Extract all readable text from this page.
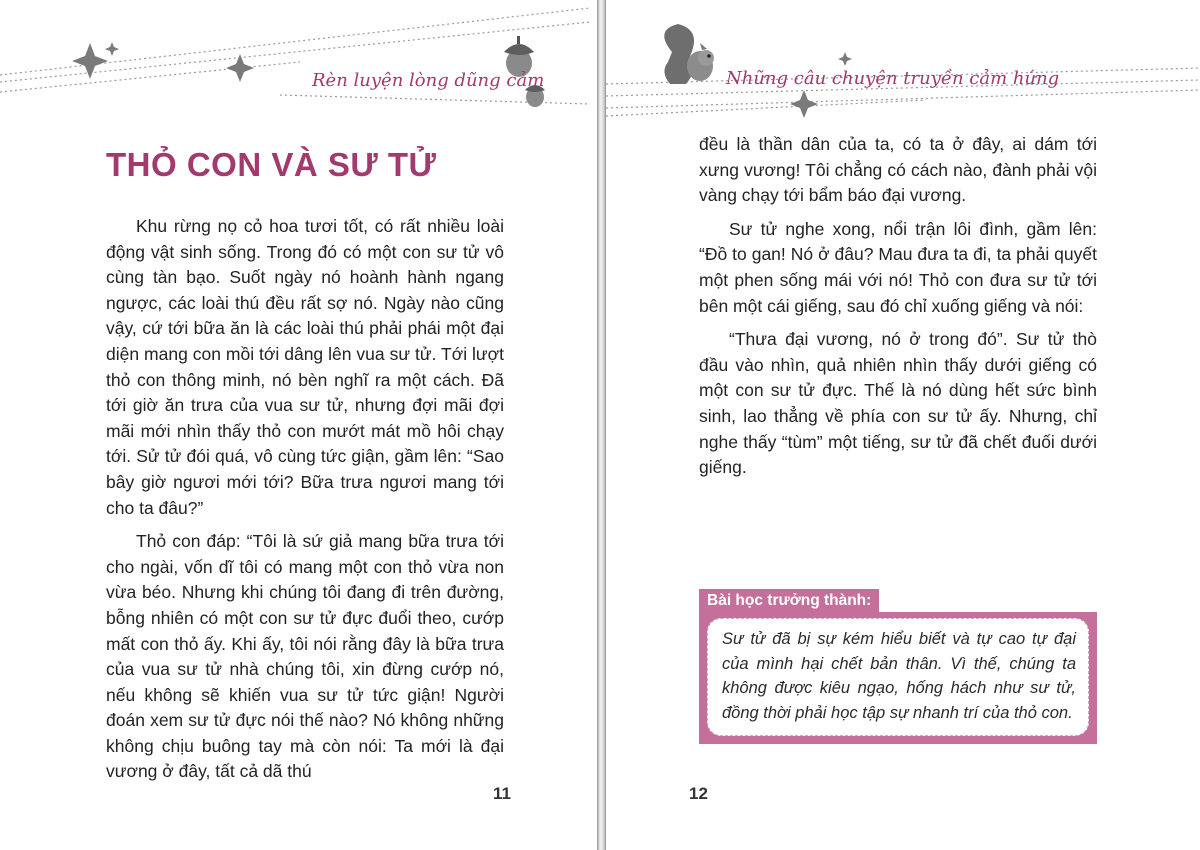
Rèn luyện lòng dũng cảm
THỎ CON VÀ SƯ TỬ

Khu rừng nọ cỏ hoa tươi tốt, có rất nhiều loài động vật sinh sống. Trong đó có một con sư tử vô cùng tàn bạo. Suốt ngày nó hoành hành ngang ngược, các loài thú đều rất sợ nó. Ngày nào cũng vậy, cứ tới bữa ăn là các loài thú phải phái một đại diện mang con mồi tới dâng lên vua sư tử. Tới lượt thỏ con thông minh, nó bèn nghĩ ra một cách. Đã tới giờ ăn trưa của vua sư tử, nhưng đợi mãi đợi mãi mới nhìn thấy thỏ con mướt mát mồ hôi chạy tới. Sử tử đói quá, vô cùng tức giận, gầm lên: “Sao bây giờ ngươi mới tới? Bữa trưa ngươi mang tới cho ta đâu?”

Thỏ con đáp: “Tôi là sứ giả mang bữa trưa tới cho ngài, vốn dĩ tôi có mang một con thỏ vừa non vừa béo. Nhưng khi chúng tôi đang đi trên đường, bỗng nhiên có một con sư tử đực đuổi theo, cướp mất con thỏ ấy. Khi ấy, tôi nói rằng đây là bữa trưa của vua sư tử nhà chúng tôi, xin đừng cướp nó, nếu không sẽ khiến vua sư tử tức giận! Người đoán xem sư tử đực nói thế nào? Nó không những không chịu buông tay mà còn nói: Ta mới là đại vương ở đây, tất cả dã thú

11
Những câu chuyện truyền cảm hứng

đều là thần dân của ta, có ta ở đây, ai dám tới xưng vương! Tôi chẳng có cách nào, đành phải vội vàng chạy tới bẩm báo đại vương.

Sư tử nghe xong, nổi trận lôi đình, gầm lên: “Đồ to gan! Nó ở đâu? Mau đưa ta đi, ta phải quyết một phen sống mái với nó! Thỏ con đưa sư tử tới bên một cái giếng, sau đó chỉ xuống giếng và nói:

“Thưa đại vương, nó ở trong đó”. Sư tử thò đầu vào nhìn, quả nhiên nhìn thấy dưới giếng có một con sư tử đực. Thế là nó dùng hết sức bình sinh, lao thẳng về phía con sư tử ấy. Nhưng, chỉ nghe thấy “tùm” một tiếng, sư tử đã chết đuối dưới giếng.

Bài học trưởng thành:
Sư tử đã bị sự kém hiểu biết và tự cao tự đại của mình hại chết bản thân. Vì thế, chúng ta không được kiêu ngạo, hống hách như sư tử, đồng thời phải học tập sự nhanh trí của thỏ con.
12
